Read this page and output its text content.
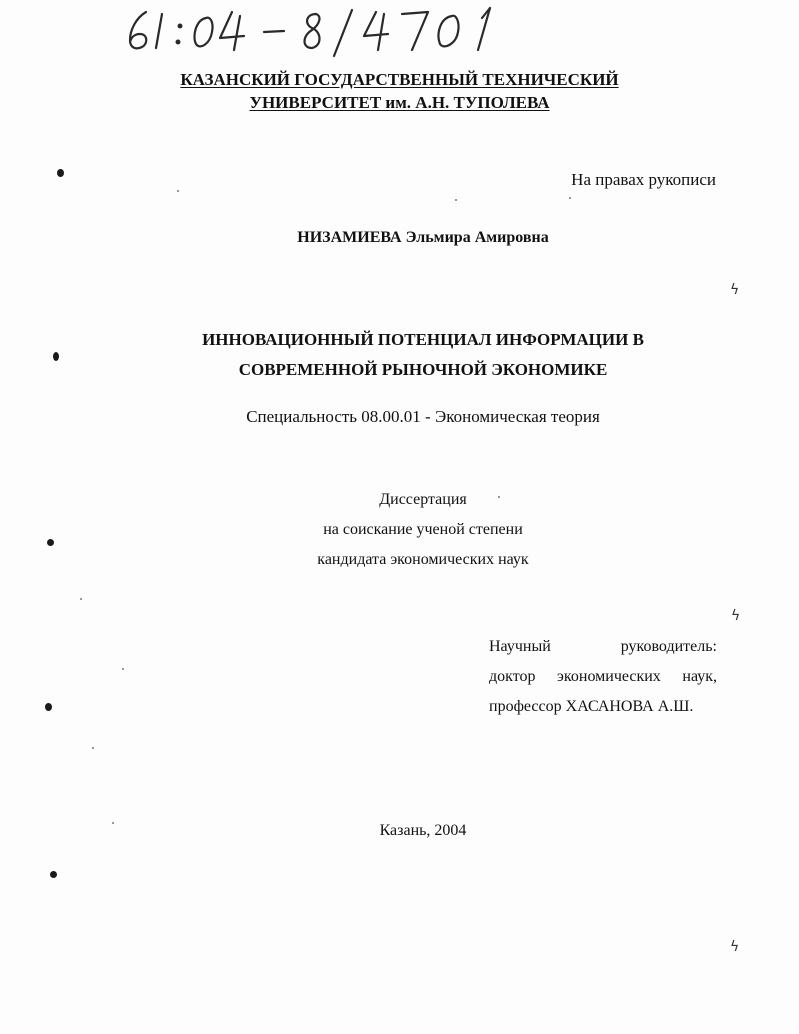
КАЗАНСКИЙ ГОСУДАРСТВЕННЫЙ ТЕХНИЧЕСКИЙ
УНИВЕРСИТЕТ им. А.Н. ТУПОЛЕВА
На правах рукописи
НИЗАМИЕВА Эльмира Амировна
ИННОВАЦИОННЫЙ ПОТЕНЦИАЛ ИНФОРМАЦИИ В
СОВРЕМЕННОЙ РЫНОЧНОЙ ЭКОНОМИКЕ
Специальность 08.00.01 - Экономическая теория
Диссертация
на соискание ученой степени
кандидата экономических наук
Научный	руководитель:
доктор экономических наук,
профессор ХАСАНОВА А.Ш.
Казань, 2004
ϟ
ϟ
ϟ
